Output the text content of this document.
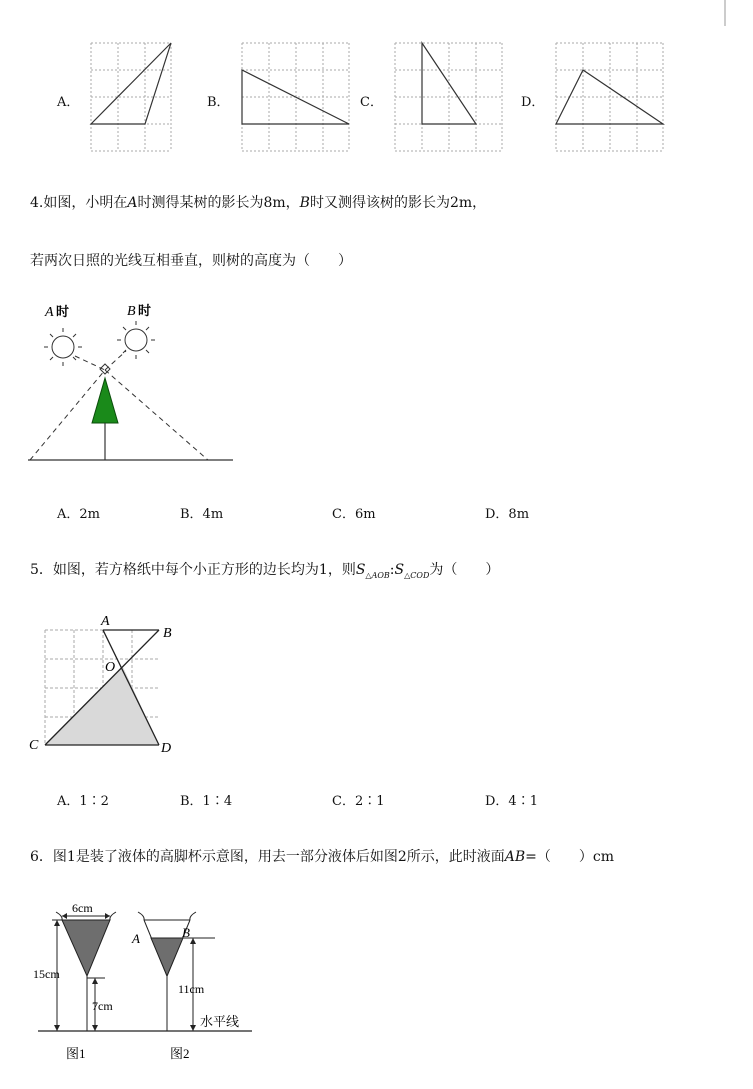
A．	B．	C．	D．
4.如图，小明在A时测得某树的影长为8m，B时又测得该树的影长为2m，
若两次日照的光线互相垂直，则树的高度为（　　）
A 时	B 时
A．2m	B．4m	C．6m	D．8m
5．如图，若方格纸中每个小正方形的边长均为1，则$S_{\triangle AOB}:S_{\triangle COD}$为（　　）
A
B
O
C	D
A．1∶2	B．1∶4	C．2∶1	D．4∶1
6．图1是装了液体的高脚杯示意图，用去一部分液体后如图2所示，此时液面AB=（　　）cm
6cm
15cm
7cm
A	B
11cm
水平线
图1	图2
